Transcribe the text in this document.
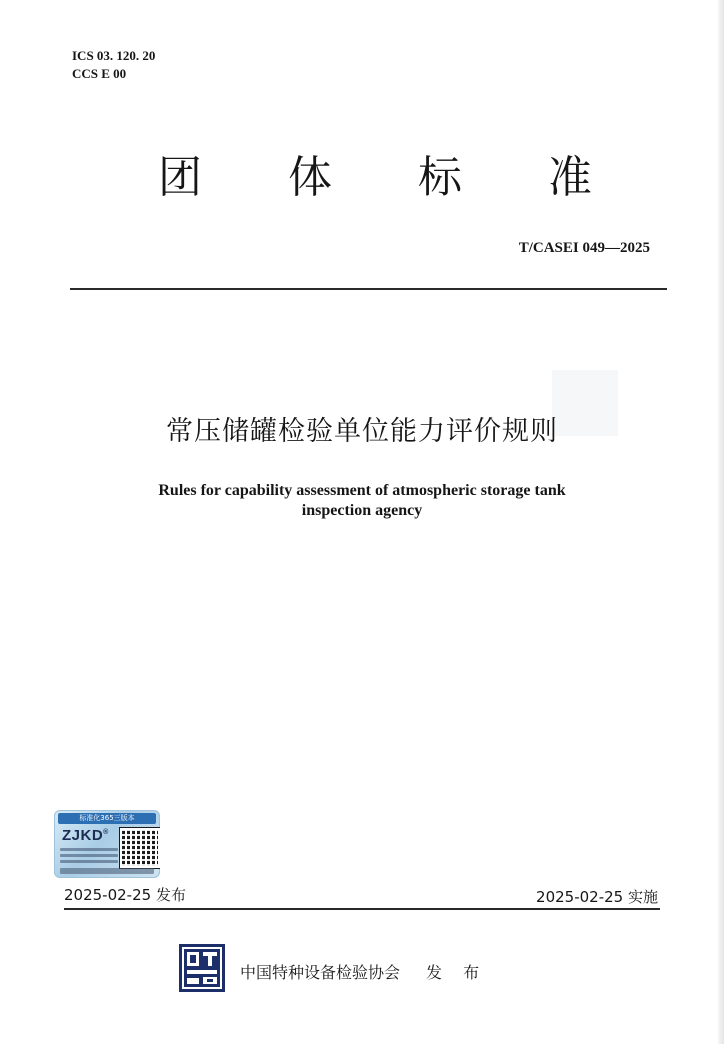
ICS 03. 120. 20
CCS E 00
团	体	标	准
T/CASEI 049—2025
常压储罐检验单位能力评价规则
Rules for capability assessment of atmospheric storage tank
inspection agency
标准化365三版本
ZJKD®
2025-02-25 发布	2025-02-25 实施
中国特种设备检验协会 发 布
